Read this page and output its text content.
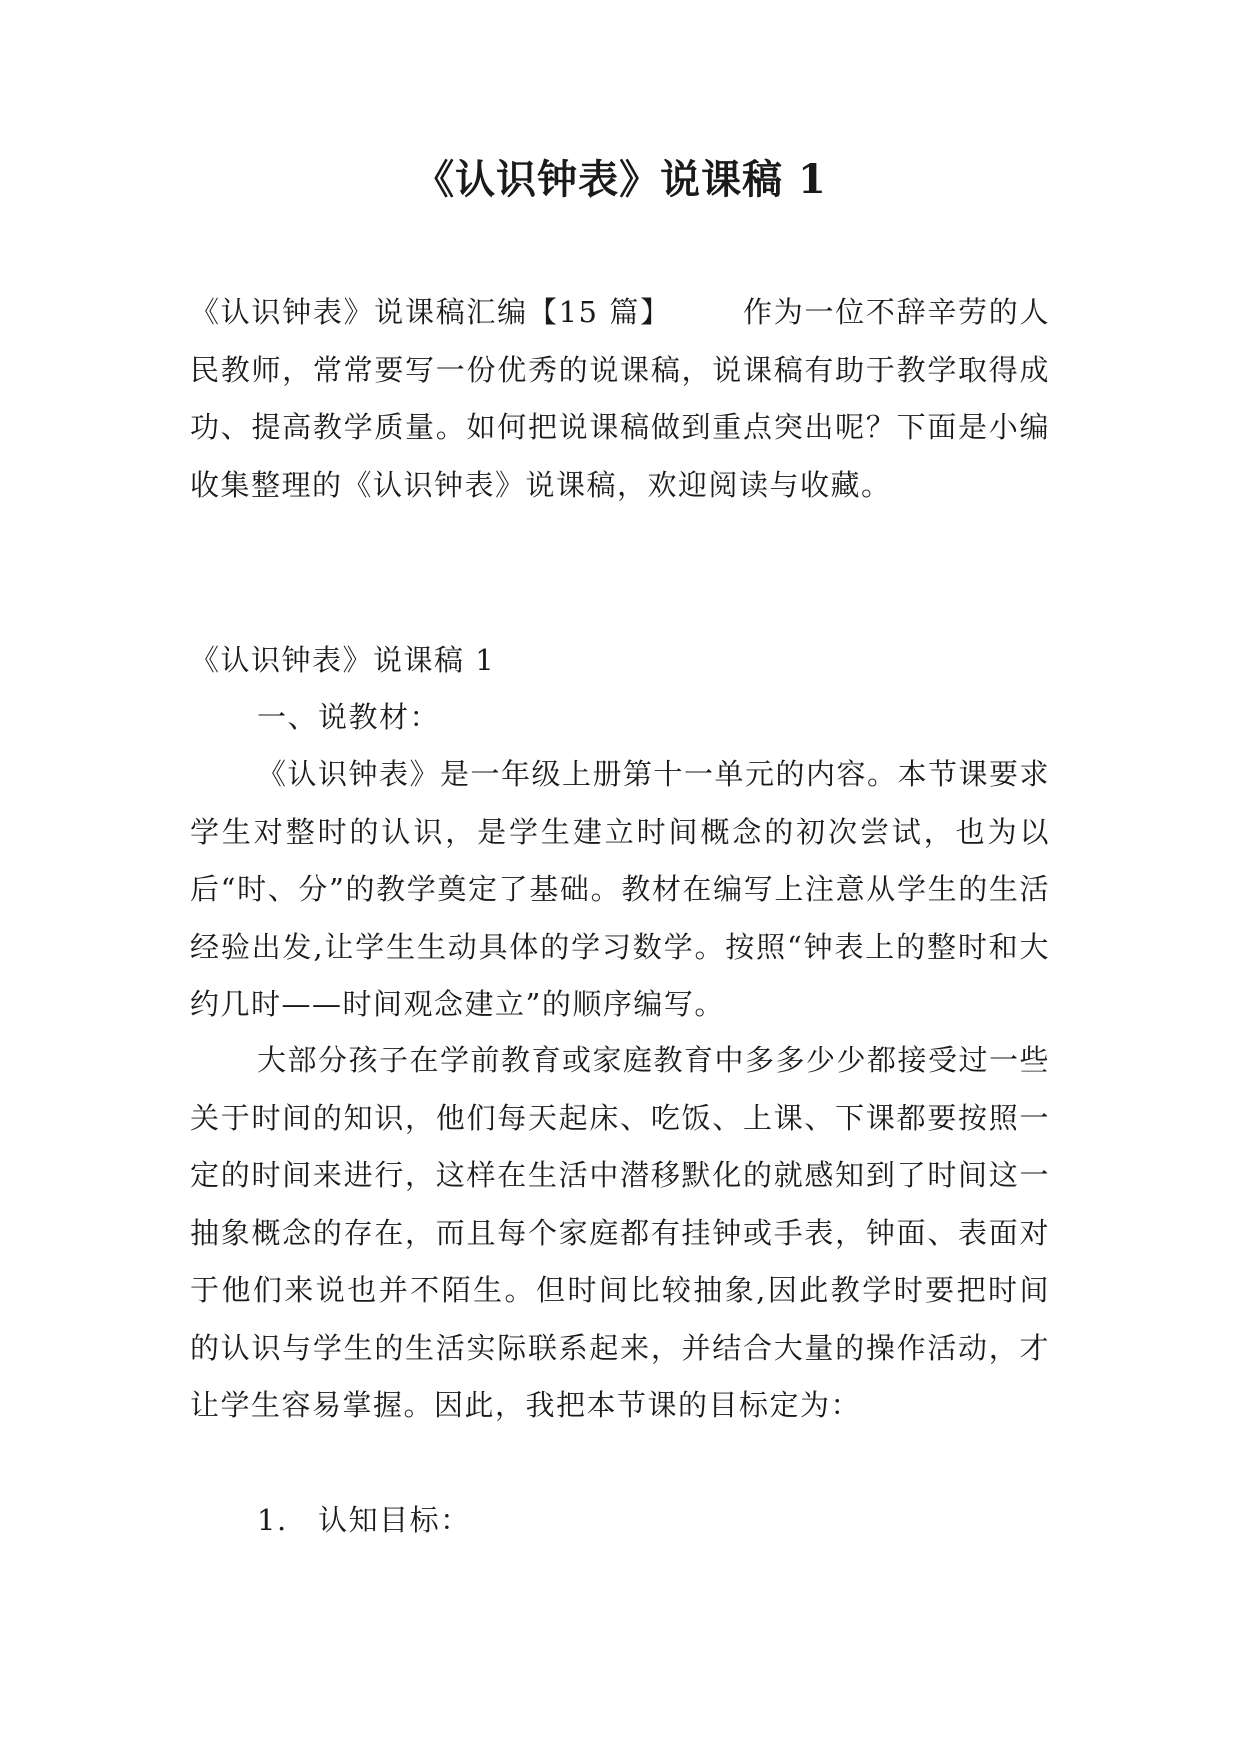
《认识钟表》说课稿 1

《认识钟表》说课稿汇编【15 篇】 作为一位不辞辛劳的人民教师，常常要写一份优秀的说课稿，说课稿有助于教学取得成功、提高教学质量。如何把说课稿做到重点突出呢？下面是小编收集整理的《认识钟表》说课稿，欢迎阅读与收藏。

《认识钟表》说课稿 1

一、说教材：

《认识钟表》是一年级上册第十一单元的内容。本节课要求学生对整时的认识，是学生建立时间概念的初次尝试，也为以后“时、分”的教学奠定了基础。教材在编写上注意从学生的生活经验出发,让学生生动具体的学习数学。按照“钟表上的整时和大约几时——时间观念建立”的顺序编写。

大部分孩子在学前教育或家庭教育中多多少少都接受过一些关于时间的知识，他们每天起床、吃饭、上课、下课都要按照一定的时间来进行，这样在生活中潜移默化的就感知到了时间这一抽象概念的存在，而且每个家庭都有挂钟或手表，钟面、表面对于他们来说也并不陌生。但时间比较抽象,因此教学时要把时间的认识与学生的生活实际联系起来，并结合大量的操作活动，才让学生容易掌握。因此，我把本节课的目标定为：

1.　认知目标：
